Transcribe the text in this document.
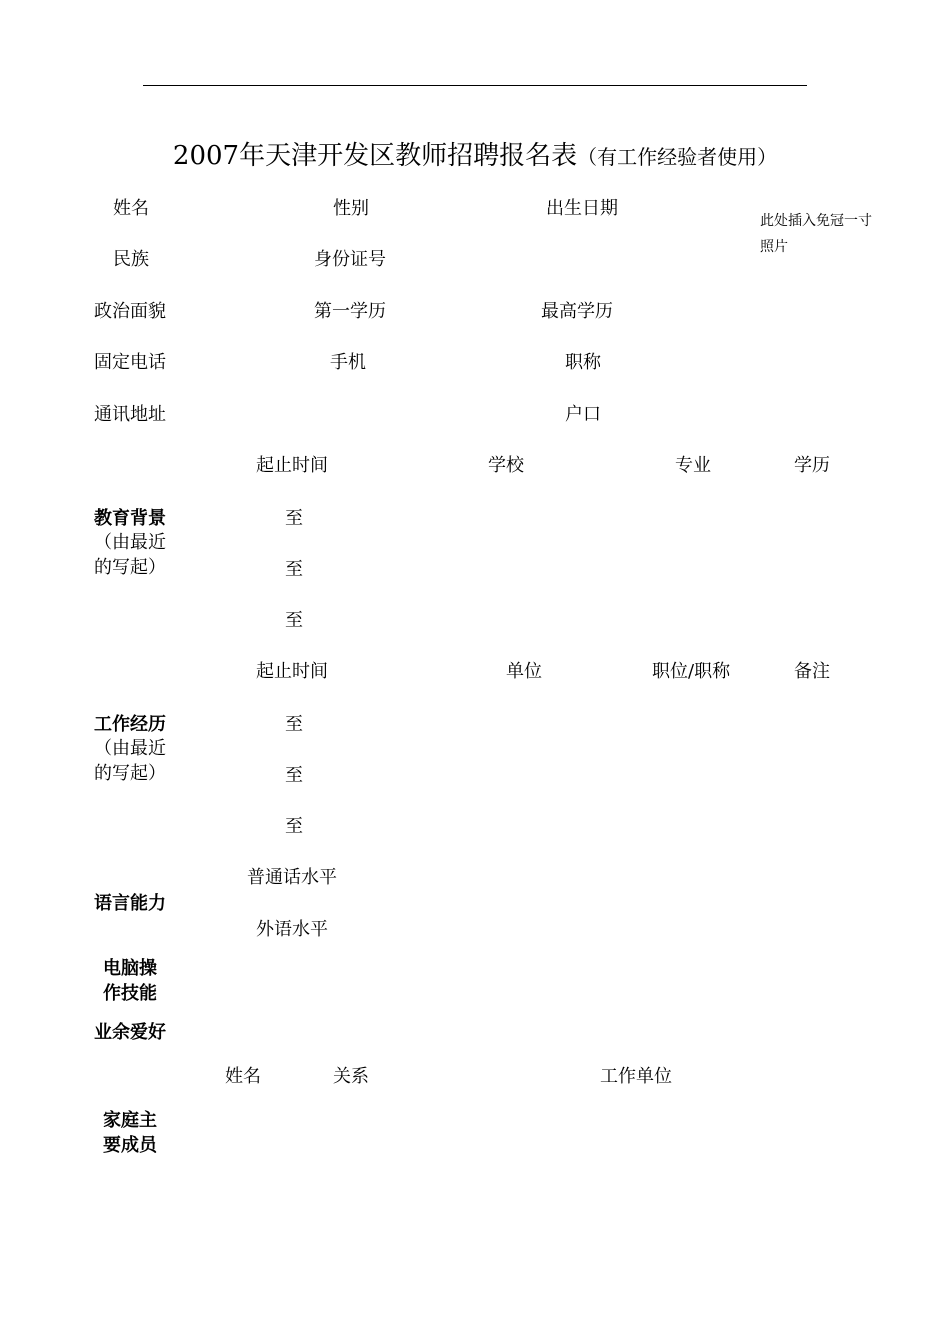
2007年天津开发区教师招聘报名表（有工作经验者使用）
姓名	性别	出生日期
此处插入免冠一寸照片
民族	身份证号
政治面貌	第一学历	最高学历
固定电话	手机	职称
通讯地址	户口
起止时间	学校	专业	学历
教育背景
（由最近
的写起）
至
至
至
起止时间	单位	职位/职称	备注
工作经历
（由最近
的写起）
至
至
至
普通话水平
语言能力
外语水平
电脑操
作技能
业余爱好
姓名	关系	工作单位
家庭主
要成员
